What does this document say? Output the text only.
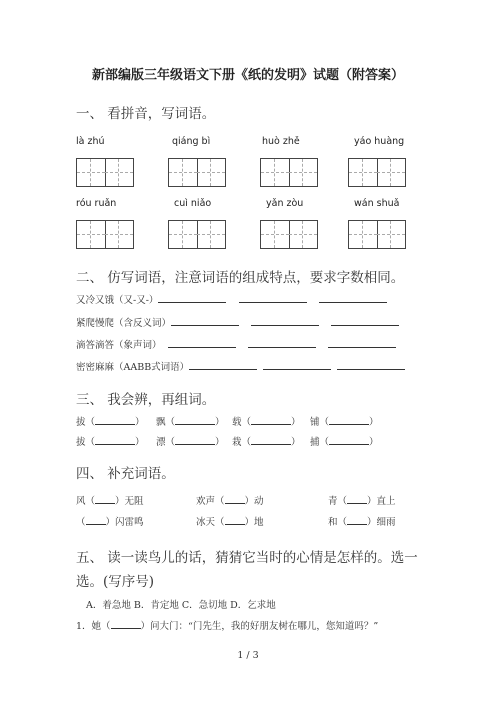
新部编版三年级语文下册《纸的发明》试题（附答案）
一、 看拼音，写词语。
là zhú	qiáng bì	huò zhě	yáo huàng
róu ruǎn	cuì niǎo	yǎn zòu	wán shuǎ
二、 仿写词语，注意词语的组成特点，要求字数相同。
又冷又饿（又-又-）
紧爬慢爬（含反义词）
滴答滴答（象声词）
密密麻麻（AABB式词语）
三、 我会辨，再组词。
拔（	） 飘（	） 载（	） 铺（	）
拔（	） 漂（	） 栽（	） 捕（	）
四、 补充词语。
风（ ）无阻	欢声（ ）动	青（ ）直上
（ ）闪雷鸣	冰天（ ）地	和（ ）细雨
五、 读一读鸟儿的话，猜猜它当时的心情是怎样的。选一
选。(写序号)
A．着急地 B．肯定地 C．急切地 D．乞求地
1．她（	）问大门：“门先生，我的好朋友树在哪儿，您知道吗？”
1 / 3
